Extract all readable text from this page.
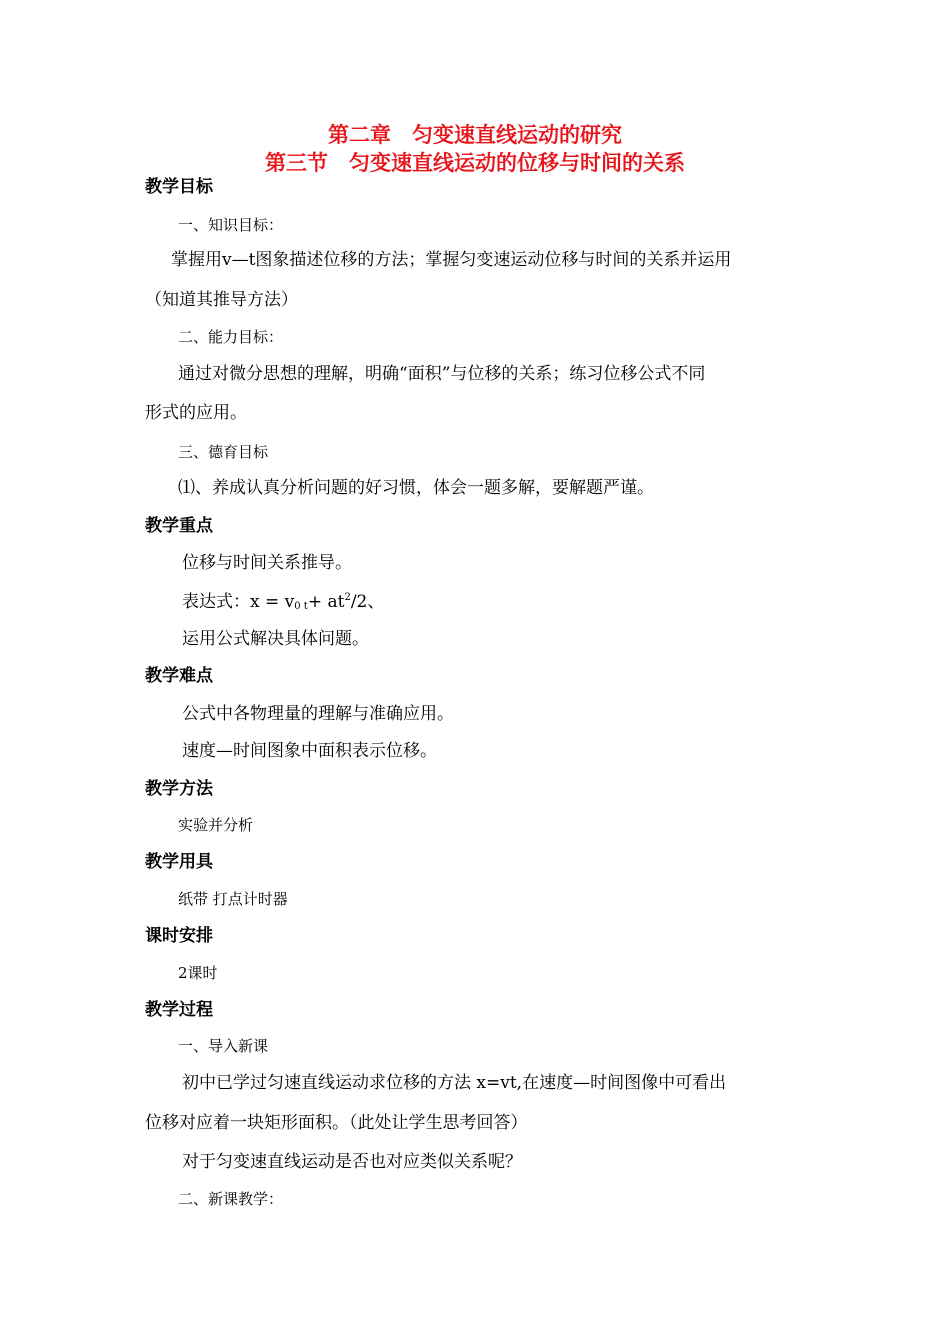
第二章　匀变速直线运动的研究
第三节　匀变速直线运动的位移与时间的关系
教学目标
一、知识目标：
掌握用v—t图象描述位移的方法；掌握匀变速运动位移与时间的关系并运用
（知道其推导方法）
二、能力目标：
通过对微分思想的理解，明确“面积”与位移的关系；练习位移公式不同
形式的应用。
三、德育目标
⑴、养成认真分析问题的好习惯，体会一题多解，要解题严谨。
教学重点
位移与时间关系推导。
表达式：$x = v_{0 t}+ at^2/2$、
运用公式解决具体问题。
教学难点
公式中各物理量的理解与准确应用。
速度—时间图象中面积表示位移。
教学方法
实验并分析
教学用具
纸带 打点计时器
课时安排
2课时
教学过程
一、导入新课
初中已学过匀速直线运动求位移的方法 x=vt,在速度—时间图像中可看出
位移对应着一块矩形面积。（此处让学生思考回答）
对于匀变速直线运动是否也对应类似关系呢？
二、新课教学：
